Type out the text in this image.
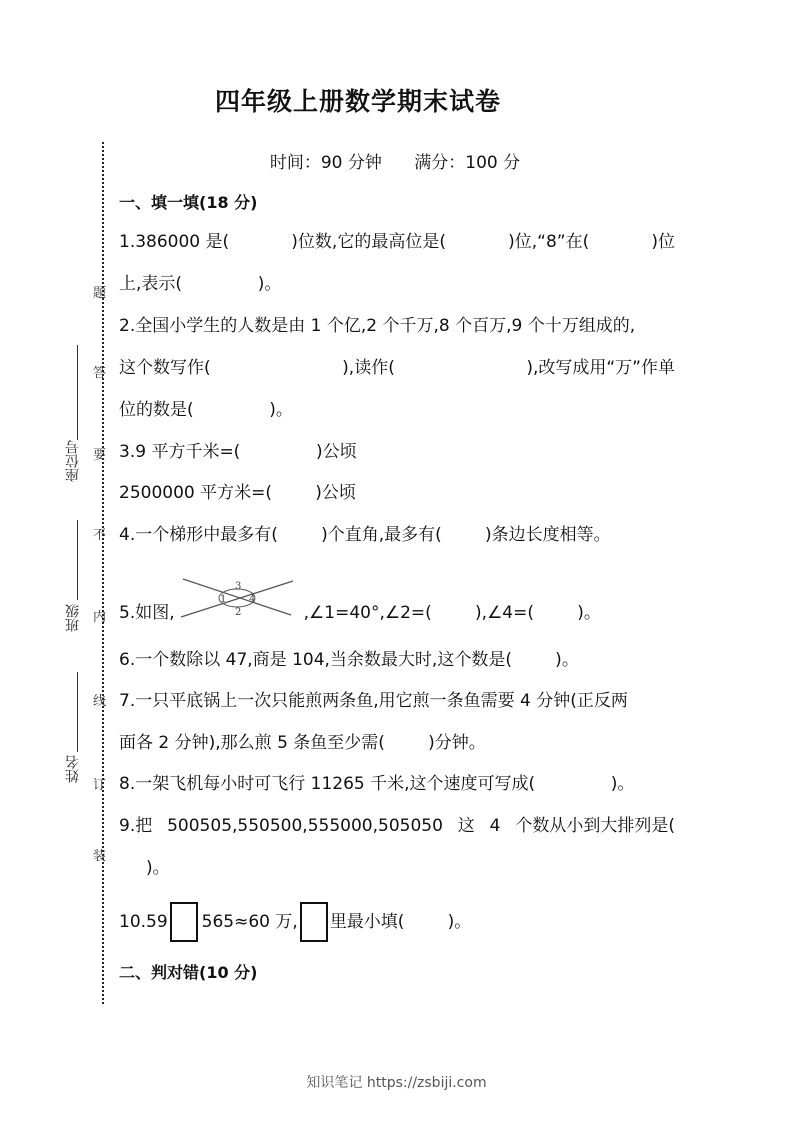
题
答
要
不
内
线
订
装
座位号
班级
姓名
四年级上册数学期末试卷
时间：90 分钟      满分：100 分
一、填一填(18 分)
1.386000 是(	)位数,它的最高位是(	)位,“8”在(	)位
上,表示(              )。
2.全国小学生的人数是由 1 个亿,2 个千万,8 个百万,9 个十万组成的,
这个数写作(	),读作(	),改写成用“万”作单
位的数是(              )。
3.9 平方千米=(              )公顷
2500000 平方米=(        )公顷
4.一个梯形中最多有(        )个直角,最多有(        )条边长度相等。
5.如图,
1
2
3
4
,∠1=40°,∠2=(        ),∠4=(        )。
6.一个数除以 47,商是 104,当余数最大时,这个数是(        )。
7.一只平底锅上一次只能煎两条鱼,用它煎一条鱼需要 4 分钟(正反两
面各 2 分钟),那么煎 5 条鱼至少需(        )分钟。
8.一架飞机每小时可飞行 11265 千米,这个速度可写成(              )。
9.把 500505,550500,555000,505050 这 4 个数从小到大排列是(
)。
10.59 565≈60 万, 里最小填(        )。
二、判对错(10 分)
知识笔记 https://zsbiji.com
